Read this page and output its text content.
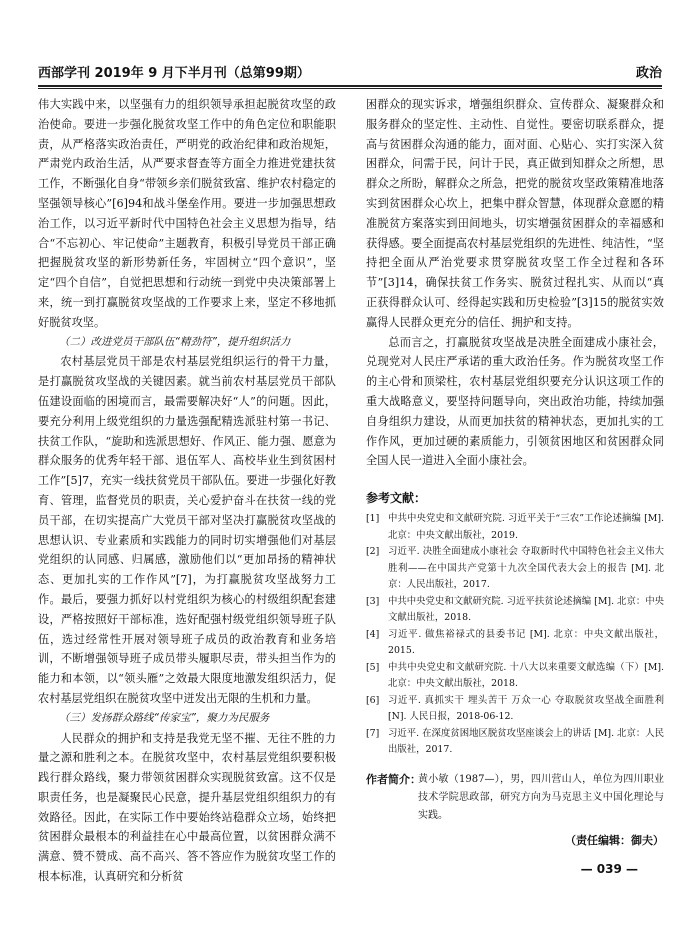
西部学刊 2019年 9 月下半月刊（总第99期）	政治

伟大实践中来，以坚强有力的组织领导承担起脱贫攻坚的政治使命。要进一步强化脱贫攻坚工作中的角色定位和职能职责，从严格落实政治责任，严明党的政治纪律和政治规矩，严肃党内政治生活，从严要求督查等方面全力推进党建扶贫工作，不断强化自身“带领乡亲们脱贫致富、维护农村稳定的坚强领导核心”[6]94和战斗堡垒作用。要进一步加强思想政治工作，以习近平新时代中国特色社会主义思想为指导，结合“不忘初心、牢记使命”主题教育，积极引导党员干部正确把握脱贫攻坚的新形势新任务，牢固树立“四个意识”，坚定“四个自信”，自觉把思想和行动统一到党中央决策部署上来，统一到打赢脱贫攻坚战的工作要求上来，坚定不移地抓好脱贫攻坚。

（二）改进党员干部队伍“精劲符”，提升组织活力

农村基层党员干部是农村基层党组织运行的骨干力量，是打赢脱贫攻坚战的关键因素。就当前农村基层党员干部队伍建设面临的困境而言，最需要解决好“人”的问题。因此，要充分利用上级党组织的力量选强配精选派驻村第一书记、扶贫工作队，“旋助和选派思想好、作风正、能力强、愿意为群众服务的优秀年轻干部、退伍军人、高校毕业生到贫困村工作”[5]7，充实一线扶贫党员干部队伍。要进一步强化好教育、管理，监督党员的职责，关心爱护奋斗在扶贫一线的党员干部，在切实提高广大党员干部对坚决打赢脱贫攻坚战的思想认识、专业素质和实践能力的同时切实增强他们对基层党组织的认同感、归属感，激励他们以“更加昂扬的精神状态、更加扎实的工作作风”[7]，为打赢脱贫攻坚战努力工作。最后，要强力抓好以村党组织为核心的村级组织配套建设，严格按照好干部标准，选好配强村级党组织领导班子队伍，选过经常性开展对领导班子成员的政治教育和业务培训，不断增强领导班子成员带头履职尽责，带头担当作为的能力和本领，以“领头雁”之效最大限度地激发组织活力，促农村基层党组织在脱贫攻坚中迸发出无限的生机和力量。

（三）发扬群众路线“传家宝”，聚力为民服务

人民群众的拥护和支持是我党无坚不摧、无往不胜的力量之源和胜利之本。在脱贫攻坚中，农村基层党组织要积极践行群众路线，聚力带领贫困群众实现脱贫致富。这不仅是职责任务，也是凝聚民心民意，提升基层党组织组织力的有效路径。因此，在实际工作中要始终站稳群众立场，始终把贫困群众最根本的利益挂在心中最高位置，以贫困群众满不满意、赞不赞成、高不高兴、答不答应作为脱贫攻坚工作的根本标准，认真研究和分析贫

困群众的现实诉求，增强组织群众、宣传群众、凝聚群众和服务群众的坚定性、主动性、自觉性。要密切联系群众，提高与贫困群众沟通的能力，面对面、心贴心、实打实深入贫困群众，问需于民，问计于民，真正做到知群众之所想，思群众之所盼，解群众之所急，把党的脱贫攻坚政策精准地落实到贫困群众心坎上，把集中群众智慧，体现群众意愿的精准脱贫方案落实到田间地头，切实增强贫困群众的幸福感和获得感。要全面提高农村基层党组织的先进性、纯洁性，“坚持把全面从严治党要求贯穿脱贫攻坚工作全过程和各环节”[3]14，确保扶贫工作务实、脱贫过程扎实、从而以“真正获得群众认可、经得起实践和历史检验”[3]15的脱贫实效赢得人民群众更充分的信任、拥护和支持。

总而言之，打赢脱贫攻坚战是决胜全面建成小康社会，兑现党对人民庄严承诺的重大政治任务。作为脱贫攻坚工作的主心骨和顶梁柱，农村基层党组织要充分认识这项工作的重大战略意义，要坚持问题导向，突出政治功能，持续加强自身组织力建设，从而更加扶贫的精神状态，更加扎实的工作作风，更加过硬的素质能力，引领贫困地区和贫困群众同全国人民一道进入全面小康社会。

参考文献：
[1] 中共中央党史和文献研究院. 习近平关于“三农”工作论述摘编 [M]. 北京：中央文献出版社，2019.
[2] 习近平. 决胜全面建成小康社会 夺取新时代中国特色社会主义伟大胜利——在中国共产党第十九次全国代表大会上的报告 [M]. 北京：人民出版社，2017.
[3] 中共中央党史和文献研究院. 习近平扶贫论述摘编 [M]. 北京：中央文献出版社，2018.
[4] 习近平. 做焦裕禄式的县委书记 [M]. 北京：中央文献出版社，2015.
[5] 中共中央党史和文献研究院. 十八大以来重要文献选编（下）[M]. 北京：中央文献出版社，2018.
[6] 习近平. 真抓实干 埋头苦干 万众一心 夺取脱贫攻坚战全面胜利 [N]. 人民日报，2018-06-12.
[7] 习近平. 在深度贫困地区脱贫攻坚座谈会上的讲话 [M]. 北京：人民出版社，2017.
作者简介：
黄小敏（1987—），男，四川营山人，单位为四川职业技术学院思政部，研究方向为马克思主义中国化理论与实践。
（责任编辑：御夫）
— 039 —
